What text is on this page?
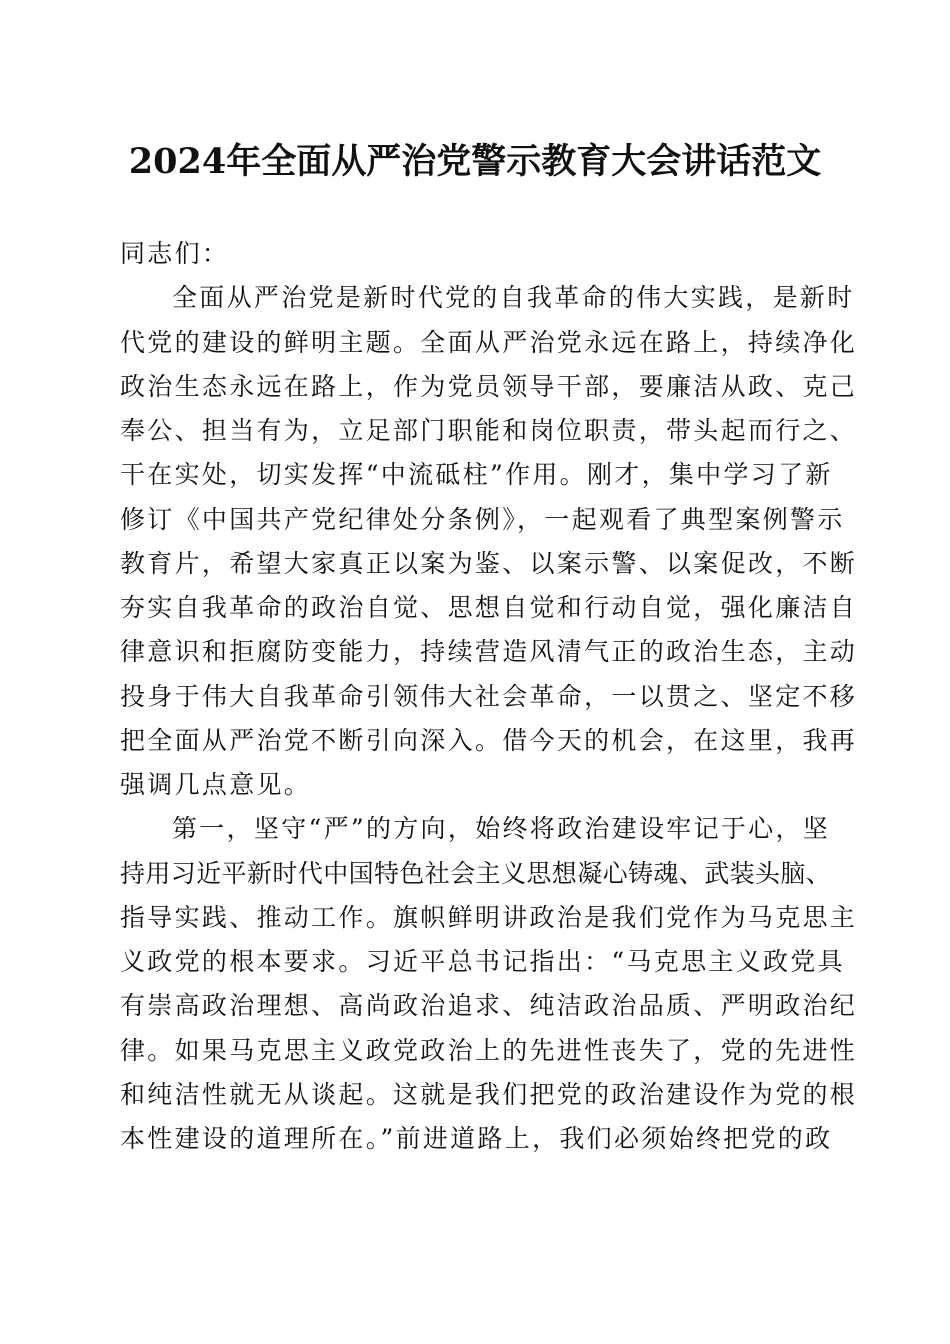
2024年全面从严治党警示教育大会讲话范文
同志们：
全面从严治党是新时代党的自我革命的伟大实践，是新时
代党的建设的鲜明主题。全面从严治党永远在路上，持续净化
政治生态永远在路上，作为党员领导干部，要廉洁从政、克己
奉公、担当有为，立足部门职能和岗位职责，带头起而行之、
干在实处，切实发挥“中流砥柱”作用。刚才，集中学习了新
修订《中国共产党纪律处分条例》，一起观看了典型案例警示
教育片，希望大家真正以案为鉴、以案示警、以案促改，不断
夯实自我革命的政治自觉、思想自觉和行动自觉，强化廉洁自
律意识和拒腐防变能力，持续营造风清气正的政治生态，主动
投身于伟大自我革命引领伟大社会革命，一以贯之、坚定不移
把全面从严治党不断引向深入。借今天的机会，在这里，我再
强调几点意见。
第一，坚守“严”的方向，始终将政治建设牢记于心，坚
持用习近平新时代中国特色社会主义思想凝心铸魂、武装头脑、
指导实践、推动工作。旗帜鲜明讲政治是我们党作为马克思主
义政党的根本要求。习近平总书记指出：“马克思主义政党具
有崇高政治理想、高尚政治追求、纯洁政治品质、严明政治纪
律。如果马克思主义政党政治上的先进性丧失了，党的先进性
和纯洁性就无从谈起。这就是我们把党的政治建设作为党的根
本性建设的道理所在。”前进道路上，我们必须始终把党的政
